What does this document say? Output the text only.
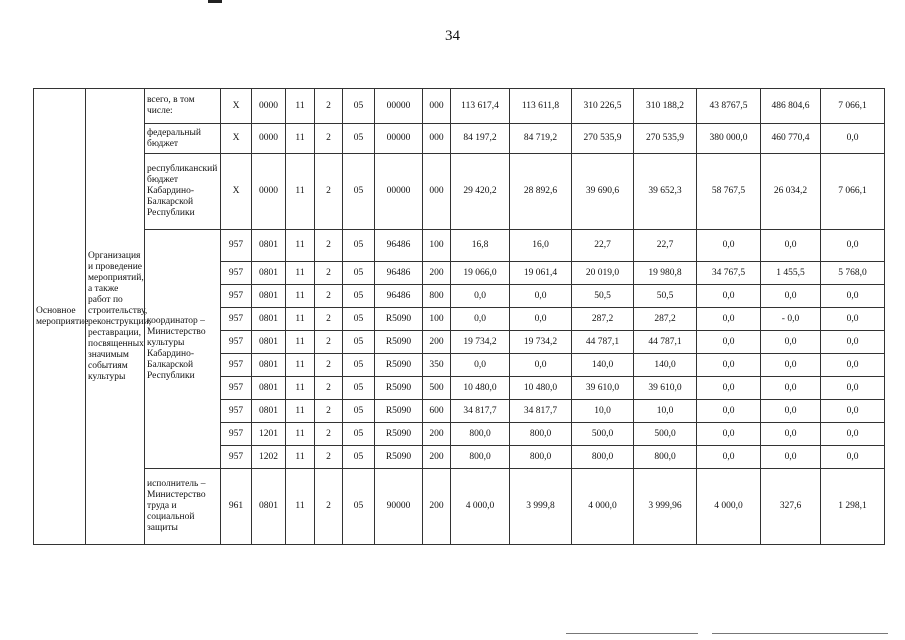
34
Основное мероприятие	Организация и проведение мероприятий, а также работ по строительству, реконструкции, реставрации, посвященных значимым событиям культуры	всего, в том числе:	X	0000	11	2	05	00000	000	113 617,4	113 611,8	310 226,5	310 188,2	43 8767,5	486 804,6	7 066,1
		федеральный бюджет	X	0000	11	2	05	00000	000	84 197,2	84 719,2	270 535,9	270 535,9	380 000,0	460 770,4	0,0
		республиканский бюджет Кабардино-Балкарской Республики	X	0000	11	2	05	00000	000	29 420,2	28 892,6	39 690,6	39 652,3	58 767,5	26 034,2	7 066,1
		координатор – Министерство культуры Кабардино-Балкарской Республики	957	0801	11	2	05	96486	100	16,8	16,0	22,7	22,7	0,0	0,0	0,0
			957	0801	11	2	05	96486	200	19 066,0	19 061,4	20 019,0	19 980,8	34 767,5	1 455,5	5 768,0
			957	0801	11	2	05	96486	800	0,0	0,0	50,5	50,5	0,0	0,0	0,0
			957	0801	11	2	05	R5090	100	0,0	0,0	287,2	287,2	0,0	- 0,0	0,0
			957	0801	11	2	05	R5090	200	19 734,2	19 734,2	44 787,1	44 787,1	0,0	0,0	0,0
			957	0801	11	2	05	R5090	350	0,0	0,0	140,0	140,0	0,0	0,0	0,0
			957	0801	11	2	05	R5090	500	10 480,0	10 480,0	39 610,0	39 610,0	0,0	0,0	0,0
			957	0801	11	2	05	R5090	600	34 817,7	34 817,7	10,0	10,0	0,0	0,0	0,0
			957	1201	11	2	05	R5090	200	800,0	800,0	500,0	500,0	0,0	0,0	0,0
			957	1202	11	2	05	R5090	200	800,0	800,0	800,0	800,0	0,0	0,0	0,0
		исполнитель – Министерство труда и социальной защиты	961	0801	11	2	05	90000	200	4 000,0	3 999,8	4 000,0	3 999,96	4 000,0	327,6	1 298,1
